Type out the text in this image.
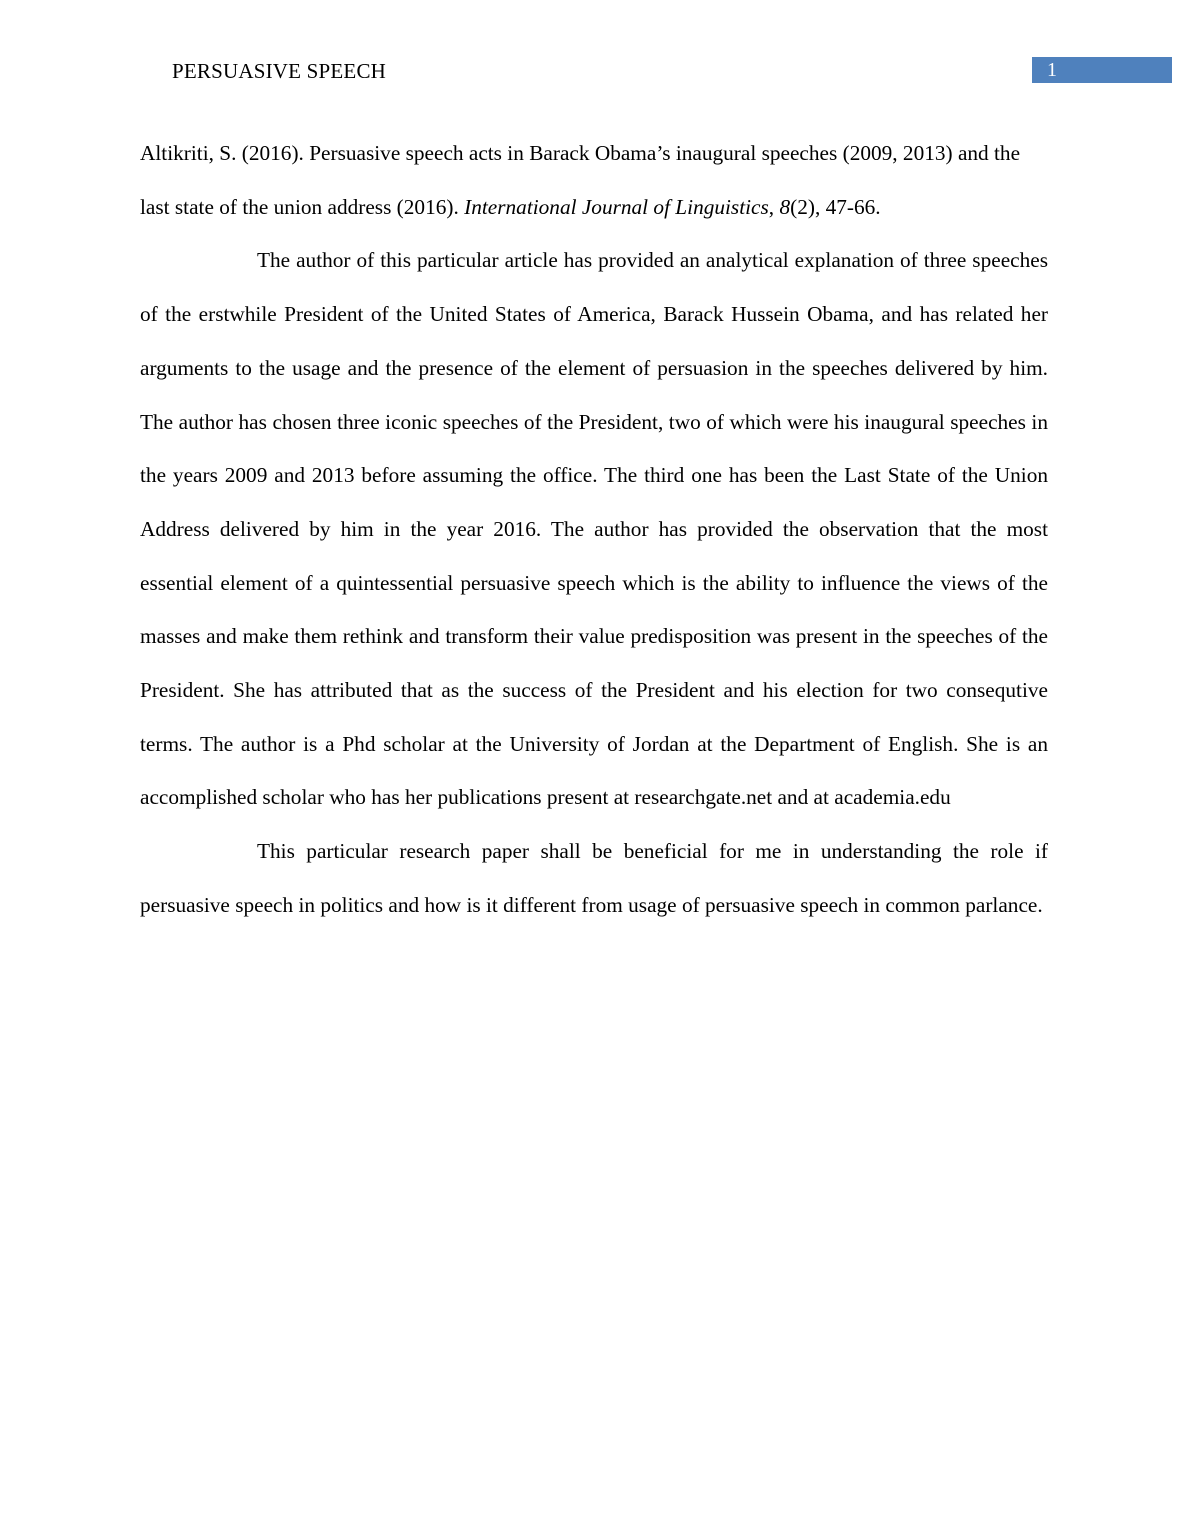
PERSUASIVE SPEECH	1

Altikriti, S. (2016). Persuasive speech acts in Barack Obama’s inaugural speeches (2009, 2013) and the last state of the union address (2016). International Journal of Linguistics, 8(2), 47-66.

The author of this particular article has provided an analytical explanation of three speeches of the erstwhile President of the United States of America, Barack Hussein Obama, and has related her arguments to the usage and the presence of the element of persuasion in the speeches delivered by him. The author has chosen three iconic speeches of the President, two of which were his inaugural speeches in the years 2009 and 2013 before assuming the office. The third one has been the Last State of the Union Address delivered by him in the year 2016. The author has provided the observation that the most essential element of a quintessential persuasive speech which is the ability to influence the views of the masses and make them rethink and transform their value predisposition was present in the speeches of the President. She has attributed that as the success of the President and his election for two consequtive terms. The author is a Phd scholar at the University of Jordan at the Department of English. She is an accomplished scholar who has her publications present at researchgate.net and at academia.edu

This particular research paper shall be beneficial for me in understanding the role if persuasive speech in politics and how is it different from usage of persuasive speech in common parlance.
